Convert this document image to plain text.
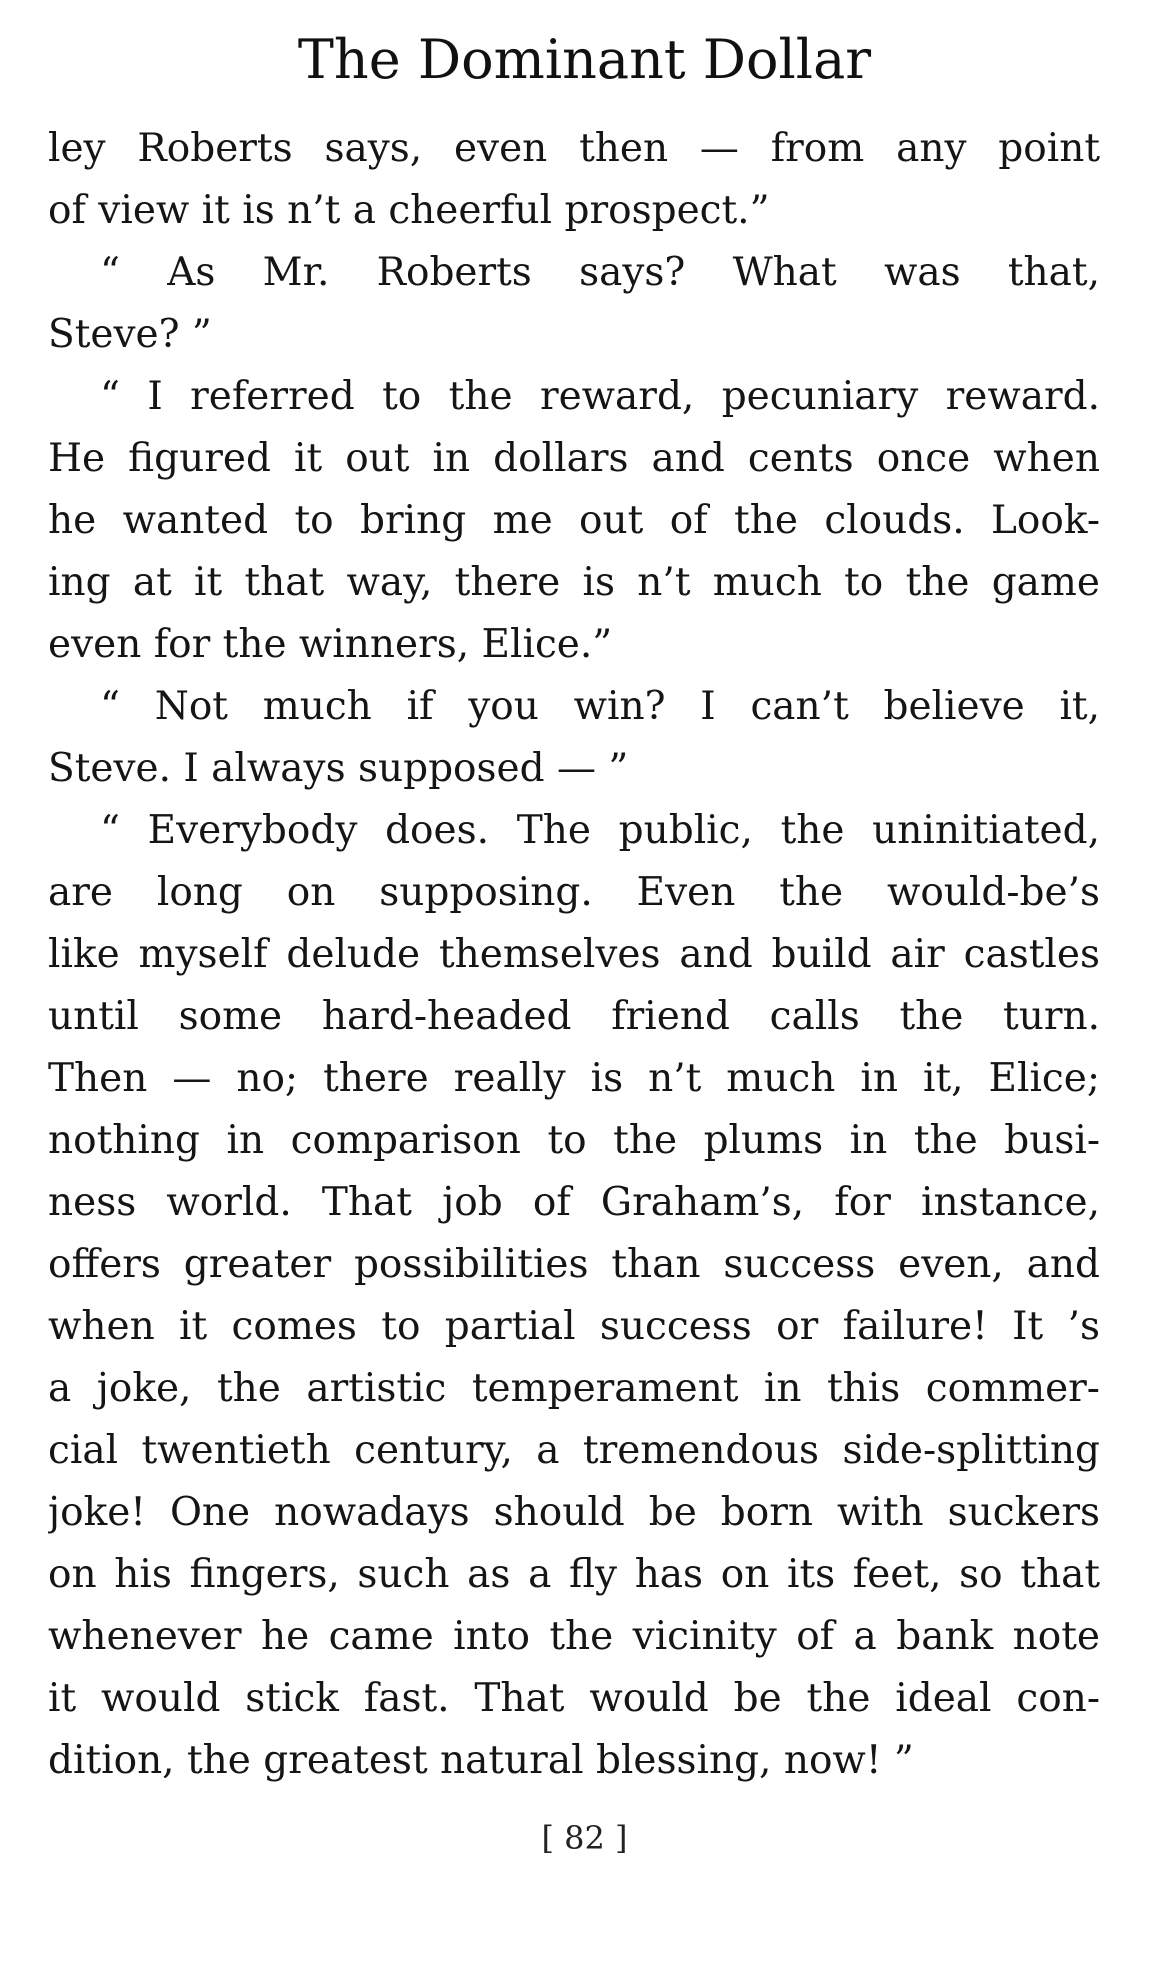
The Dominant Dollar
ley Roberts says, even then — from any point
of view it is n’t a cheerful prospect.”
“ As Mr. Roberts says? What was that,
Steve? ”
“ I referred to the reward, pecuniary reward.
He figured it out in dollars and cents once when
he wanted to bring me out of the clouds. Look-
ing at it that way, there is n’t much to the game
even for the winners, Elice.”
“ Not much if you win? I can’t believe it,
Steve. I always supposed — ”
“ Everybody does. The public, the uninitiated,
are long on supposing. Even the would-be’s
like myself delude themselves and build air castles
until some hard-headed friend calls the turn.
Then — no; there really is n’t much in it, Elice;
nothing in comparison to the plums in the busi-
ness world. That job of Graham’s, for instance,
offers greater possibilities than success even, and
when it comes to partial success or failure! It ’s
a joke, the artistic temperament in this commer-
cial twentieth century, a tremendous side-splitting
joke! One nowadays should be born with suckers
on his fingers, such as a fly has on its feet, so that
whenever he came into the vicinity of a bank note
it would stick fast. That would be the ideal con-
dition, the greatest natural blessing, now! ”
[ 82 ]
